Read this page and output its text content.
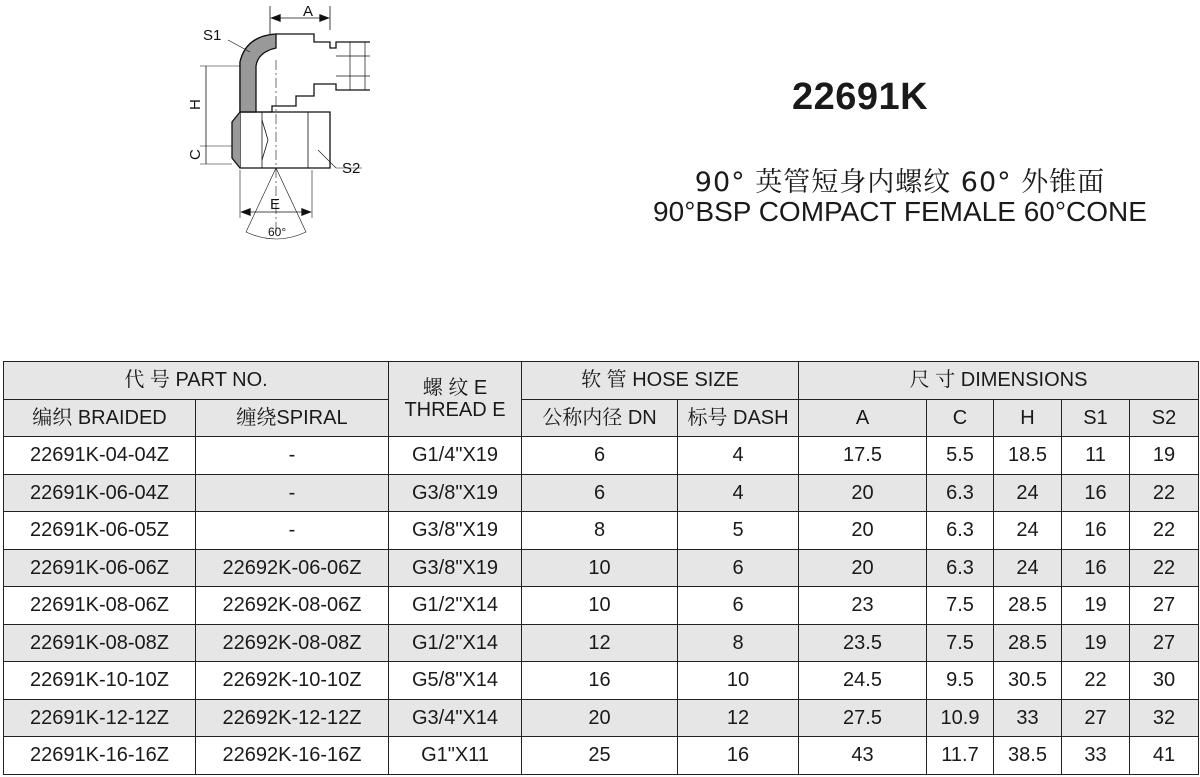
A
S1
H
C
S2
E
60°
22691K
90° 英管短身内螺纹 60° 外锥面
90°BSP COMPACT FEMALE 60°CONE
代 号 PART NO.		螺 纹 E
THREAD E	软 管 HOSE SIZE		尺 寸 DIMENSIONS				
编织 BRAIDED	缠绕SPIRAL		公称内径 DN	标号 DASH	A	C	H	S1	S2
22691K-04-04Z	-	G1/4"X19	6	4	17.5	5.5	18.5	11	19
22691K-06-04Z	-	G3/8"X19	6	4	20	6.3	24	16	22
22691K-06-05Z	-	G3/8"X19	8	5	20	6.3	24	16	22
22691K-06-06Z	22692K-06-06Z	G3/8"X19	10	6	20	6.3	24	16	22
22691K-08-06Z	22692K-08-06Z	G1/2"X14	10	6	23	7.5	28.5	19	27
22691K-08-08Z	22692K-08-08Z	G1/2"X14	12	8	23.5	7.5	28.5	19	27
22691K-10-10Z	22692K-10-10Z	G5/8"X14	16	10	24.5	9.5	30.5	22	30
22691K-12-12Z	22692K-12-12Z	G3/4"X14	20	12	27.5	10.9	33	27	32
22691K-16-16Z	22692K-16-16Z	G1"X11	25	16	43	11.7	38.5	33	41
